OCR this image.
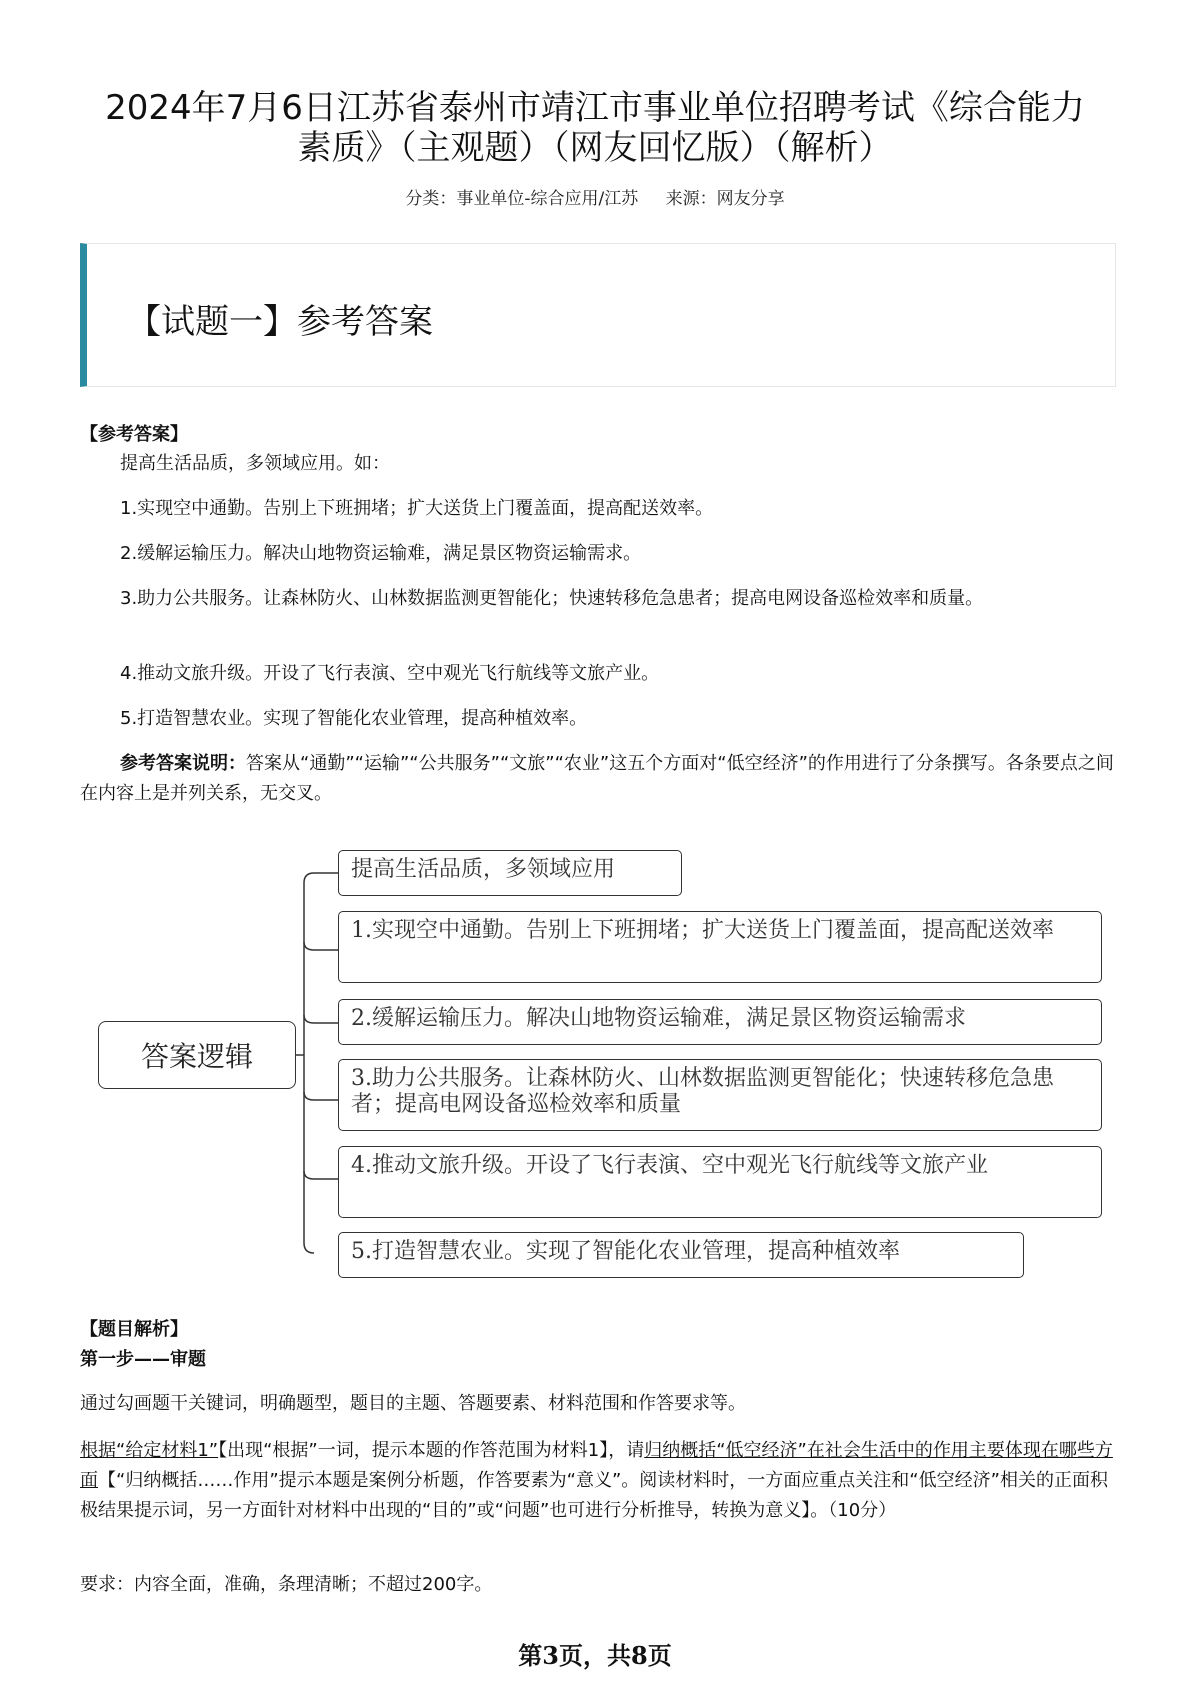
2024年7月6日江苏省泰州市靖江市事业单位招聘考试《综合能力
素质》（主观题）（网友回忆版）（解析）
分类：事业单位-综合应用/江苏 来源：网友分享
【试题一】参考答案
【参考答案】
提高生活品质，多领域应用。如：
1.实现空中通勤。告别上下班拥堵；扩大送货上门覆盖面，提高配送效率。
2.缓解运输压力。解决山地物资运输难，满足景区物资运输需求。
3.助力公共服务。让森林防火、山林数据监测更智能化；快速转移危急患者；提高电网设备巡检效率和质量。
4.推动文旅升级。开设了飞行表演、空中观光飞行航线等文旅产业。
5.打造智慧农业。实现了智能化农业管理，提高种植效率。
参考答案说明：答案从“通勤”“运输”“公共服务”“文旅”“农业”这五个方面对“低空经济”的作用进行了分条撰写。各条要点之间在内容上是并列关系，无交叉。
答案逻辑
提高生活品质，多领域应用
1.实现空中通勤。告别上下班拥堵；扩大送货上门覆盖面，提高配送效率
2.缓解运输压力。解决山地物资运输难，满足景区物资运输需求
3.助力公共服务。让森林防火、山林数据监测更智能化；快速转移危急患者；提高电网设备巡检效率和质量
4.推动文旅升级。开设了飞行表演、空中观光飞行航线等文旅产业
5.打造智慧农业。实现了智能化农业管理，提高种植效率
【题目解析】
第一步——审题
通过勾画题干关键词，明确题型，题目的主题、答题要素、材料范围和作答要求等。
根据“给定材料1”【出现“根据”一词，提示本题的作答范围为材料1】，请归纳概括“低空经济”在社会生活中的作用主要体现在哪些方面【“归纳概括……作用”提示本题是案例分析题，作答要素为“意义”。阅读材料时，一方面应重点关注和“低空经济”相关的正面积极结果提示词，另一方面针对材料中出现的“目的”或“问题”也可进行分析推导，转换为意义】。（10分）
要求：内容全面，准确，条理清晰；不超过200字。
第3页，共8页
